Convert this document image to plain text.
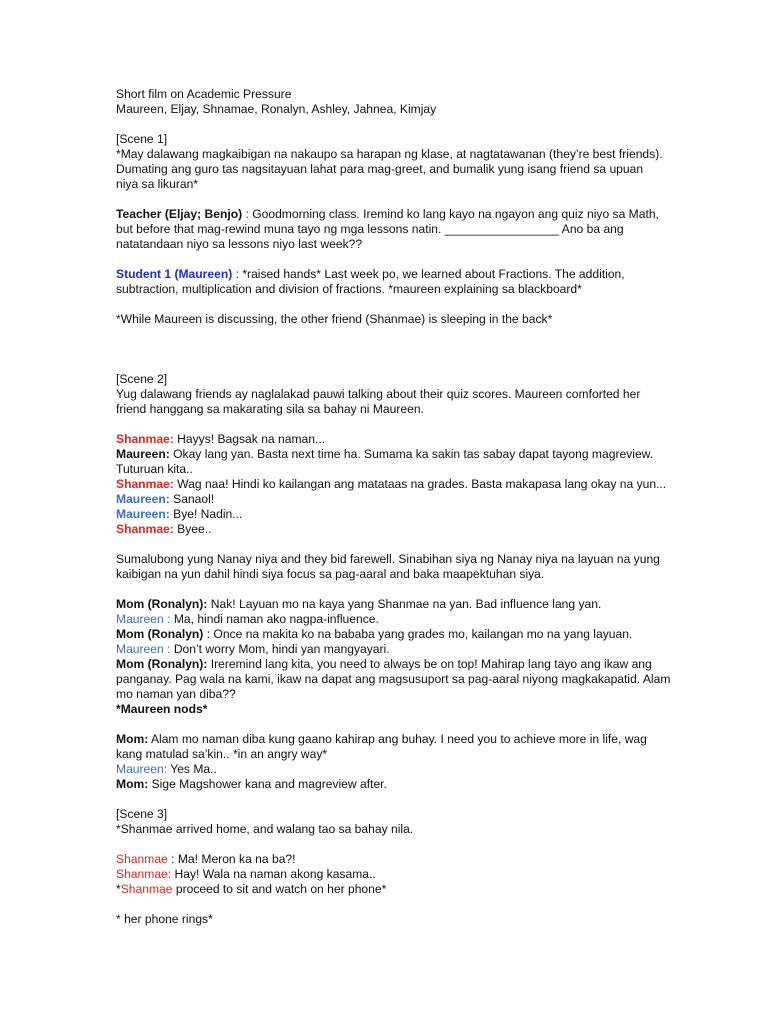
Short film on Academic Pressure
Maureen, Eljay, Shnamae, Ronalyn, Ashley, Jahnea, Kimjay
[Scene 1]
*May dalawang magkaibigan na nakaupo sa harapan ng klase, at nagtatawanan (they’re best friends).
Dumating ang guro tas nagsitayuan lahat para mag-greet, and bumalik yung isang friend sa upuan
niya sa likuran*
Teacher (Eljay; Benjo) : Goodmorning class. Iremind ko lang kayo na ngayon ang quiz niyo sa Math,
but before that mag-rewind muna tayo ng mga lessons natin. _________________ Ano ba ang
natatandaan niyo sa lessons niyo last week??
Student 1 (Maureen) : *raised hands* Last week po, we learned about Fractions. The addition,
subtraction, multiplication and division of fractions. *maureen explaining sa blackboard*
*While Maureen is discussing, the other friend (Shanmae) is sleeping in the back*
[Scene 2]
Yug dalawang friends ay naglalakad pauwi talking about their quiz scores. Maureen comforted her
friend hanggang sa makarating sila sa bahay ni Maureen.
Shanmae: Hayys! Bagsak na naman...
Maureen: Okay lang yan. Basta next time ha. Sumama ka sakin tas sabay dapat tayong magreview.
Tuturuan kita..
Shanmae: Wag naa! Hindi ko kailangan ang matataas na grades. Basta makapasa lang okay na yun...
Maureen: Sanaol!
Maureen: Bye! Nadin...
Shanmae: Byee..
Sumalubong yung Nanay niya and they bid farewell. Sinabihan siya ng Nanay niya na layuan na yung
kaibigan na yun dahil hindi siya focus sa pag-aaral and baka maapektuhan siya.
Mom (Ronalyn): Nak! Layuan mo na kaya yang Shanmae na yan. Bad influence lang yan.
Maureen : Ma, hindi naman ako nagpa-influence.
Mom (Ronalyn) : Once na makita ko na bababa yang grades mo, kailangan mo na yang layuan.
Maureen : Don’t worry Mom, hindi yan mangyayari.
Mom (Ronalyn): Ireremind lang kita, you need to always be on top! Mahirap lang tayo ang ikaw ang
panganay. Pag wala na kami, ikaw na dapat ang magsusuport sa pag-aaral niyong magkakapatid. Alam
mo naman yan diba??
*Maureen nods*
Mom: Alam mo naman diba kung gaano kahirap ang buhay. I need you to achieve more in life, wag
kang matulad sa’kin.. *in an angry way*
Maureen: Yes Ma..
Mom: Sige Magshower kana and magreview after.
[Scene 3]
*Shanmae arrived home, and walang tao sa bahay nila.
Shanmae : Ma! Meron ka na ba?!
Shanmae: Hay! Wala na naman akong kasama..
*Shanmae proceed to sit and watch on her phone*
* her phone rings*
